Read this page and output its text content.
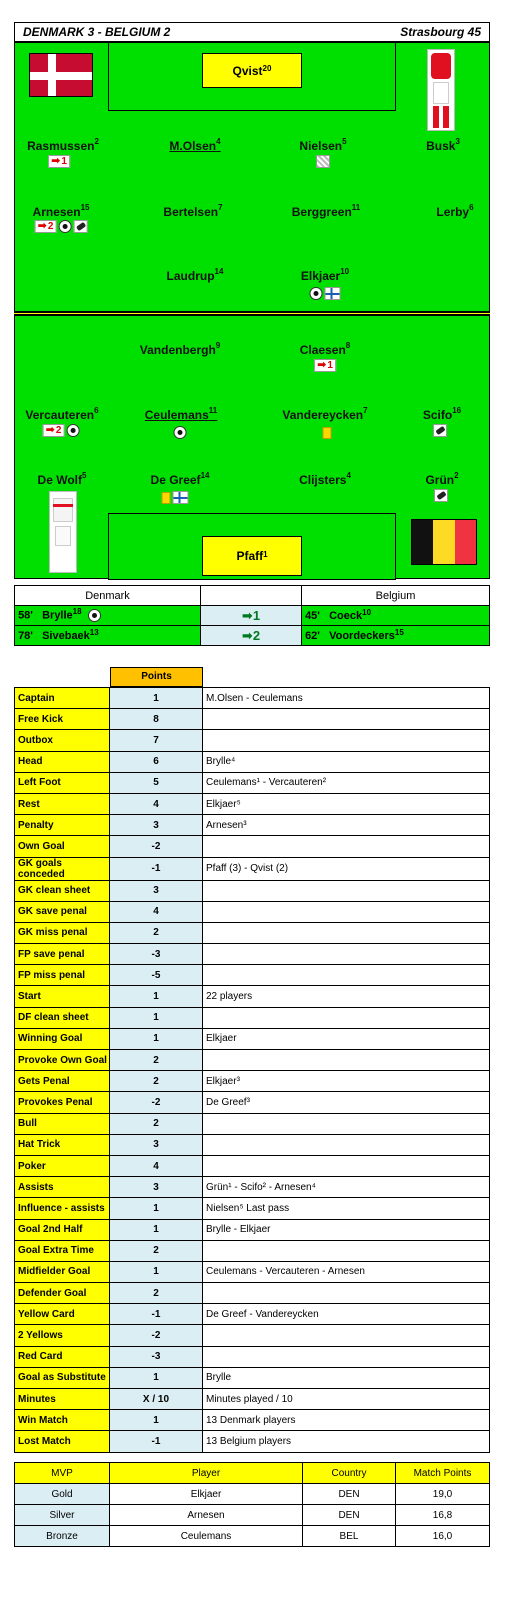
DENMARK 3 - BELGIUM 2	Strasbourg 45
Qvist$^{20}$
Rasmussen$^2$
➡ 1
M.Olsen$^4$	Nielsen$^5$	Busk$^3$
Arnesen$^{15}$
➡ 2
Bertelsen$^7$	Berggreen$^{11}$	Lerby$^6$
Laudrup$^{14}$	Elkjaer$^{10}$
Vandenbergh$^9$	Claesen$^8$
➡ 1
Vercauteren$^6$
➡ 2
Ceulemans$^{11}$	Vandereycken$^7$	Scifo$^{16}$
De Wolf$^5$	De Greef$^{14}$	Clijsters$^4$	Grün$^2$
Pfaff$^1$
Denmark		Belgium
58' Brylle$^{18}$	➡1	45' Coeck$^{10}$
78' Sivebaek$^{13}$	➡2	62' Voordeckers$^{15}$
Points
Captain	1	M.Olsen - Ceulemans
Free Kick	8	
Outbox	7	
Head	6	Brylle⁴
Left Foot	5	Ceulemans¹ - Vercauteren²
Rest	4	Elkjaer⁵
Penalty	3	Arnesen³
Own Goal	-2	
GK goals conceded	-1	Pfaff (3) - Qvist (2)
GK clean sheet	3	
GK save penal	4	
GK miss penal	2	
FP save penal	-3	
FP miss penal	-5	
Start	1	22 players
DF clean sheet	1	
Winning Goal	1	Elkjaer
Provoke Own Goal	2	
Gets Penal	2	Elkjaer³
Provokes Penal	-2	De Greef³
Bull	2	
Hat Trick	3	
Poker	4	
Assists	3	Grün¹ - Scifo² - Arnesen⁴
Influence - assists	1	Nielsen⁵ Last pass
Goal 2nd Half	1	Brylle - Elkjaer
Goal Extra Time	2	
Midfielder Goal	1	Ceulemans - Vercauteren - Arnesen
Defender Goal	2	
Yellow Card	-1	De Greef - Vandereycken
2 Yellows	-2	
Red Card	-3	
Goal as Substitute	1	Brylle
Minutes	X / 10	Minutes played / 10
Win Match	1	13 Denmark players
Lost Match	-1	13 Belgium players
MVP	Player	Country	Match Points
Gold	Elkjaer	DEN	19,0
Silver	Arnesen	DEN	16,8
Bronze	Ceulemans	BEL	16,0
